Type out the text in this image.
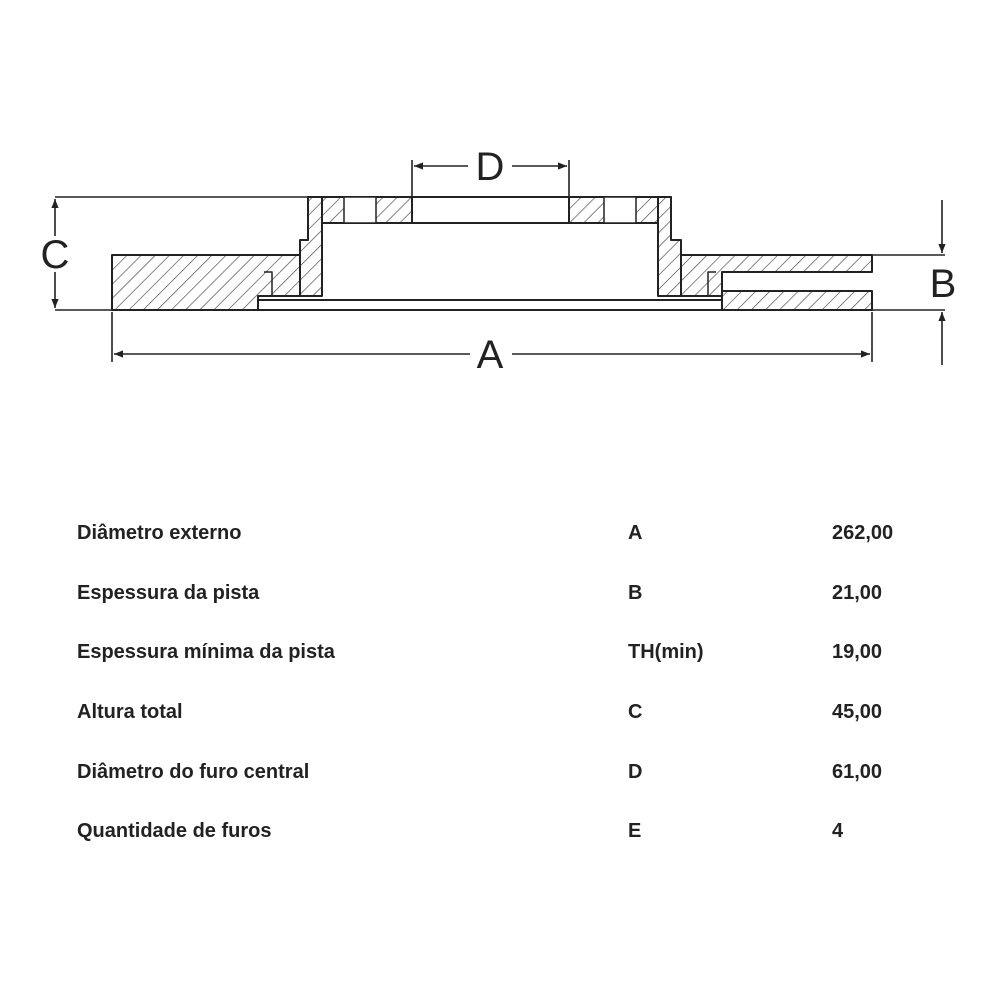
A
B
C
D
Diâmetro externo	A	262,00
Espessura da pista	B	21,00
Espessura mínima da pista	TH(min)	19,00
Altura total	C	45,00
Diâmetro do furo central	D	61,00
Quantidade de furos	E	4
